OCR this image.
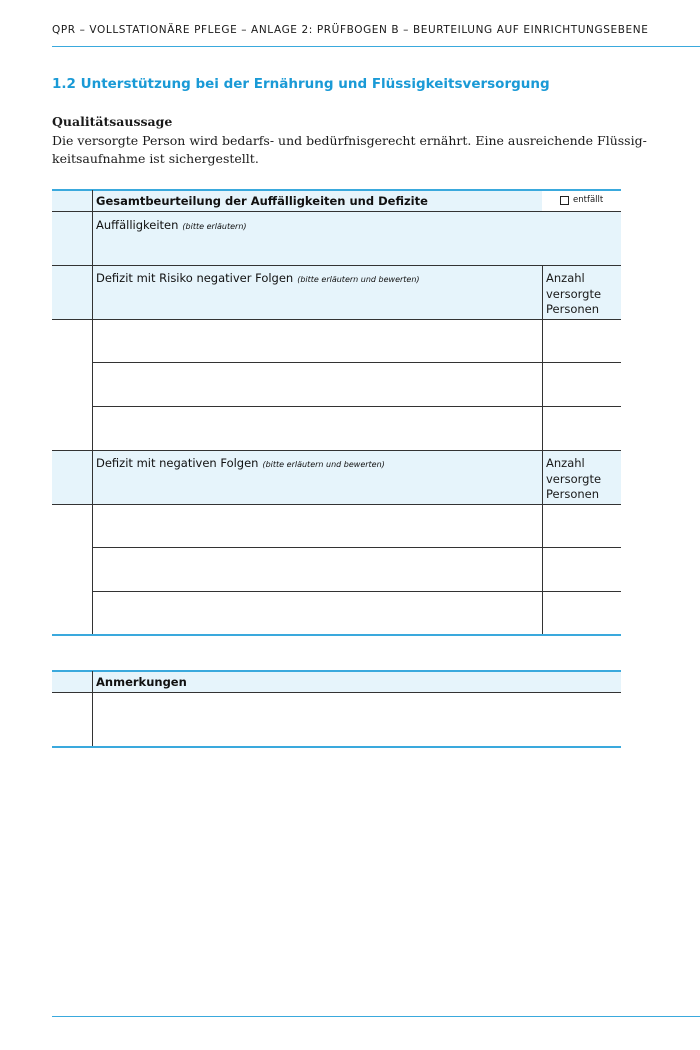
QPR – VOLLSTATIONÄRE PFLEGE – ANLAGE 2: PRÜFBOGEN B – BEURTEILUNG AUF EINRICHTUNGSEBENE
1.2 Unterstützung bei der Ernährung und Flüssigkeitsversorgung
Qualitätsaussage
Die versorgte Person wird bedarfs- und bedürfnisgerecht ernährt. Eine ausreichende Flüssig-
keitsaufnahme ist sichergestellt.
Gesamtbeurteilung der Auffälligkeiten und Defizite	entfällt
Auffälligkeiten (bitte erläutern)
Defizit mit Risiko negativer Folgen (bitte erläutern und bewerten)	Anzahl
versorgte
Personen
Defizit mit negativen Folgen (bitte erläutern und bewerten)	Anzahl
versorgte
Personen
Anmerkungen
